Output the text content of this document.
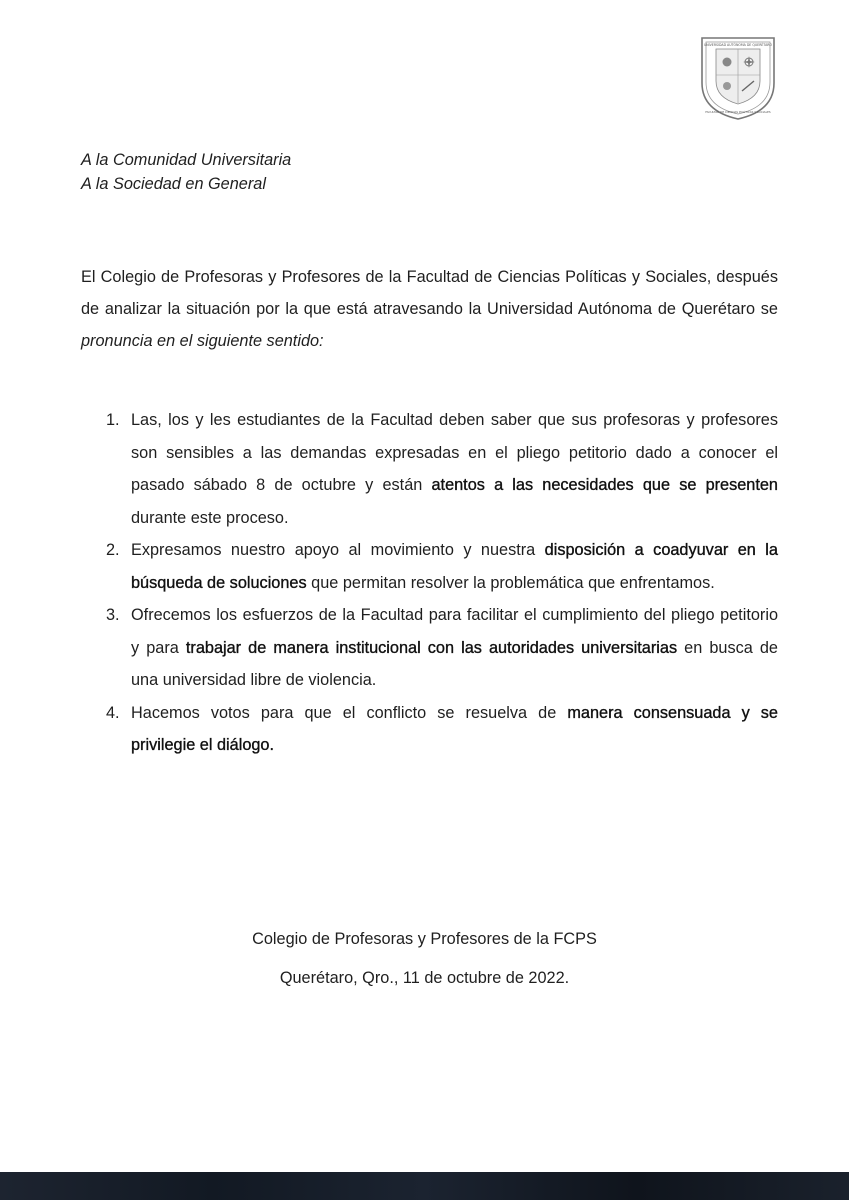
UNIVERSIDAD AUTÓNOMA DE QUERÉTARO
FACULTAD DE CIENCIAS POLÍTICAS Y SOCIALES
A la Comunidad Universitaria
A la Sociedad en General
El Colegio de Profesoras y Profesores de la Facultad de Ciencias Políticas y Sociales, después
de analizar la situación por la que está atravesando la Universidad Autónoma de Querétaro se
pronuncia en el siguiente sentido:
1. Las, los y les estudiantes de la Facultad deben saber que sus profesoras y profesores
son sensibles a las demandas expresadas en el pliego petitorio dado a conocer el
pasado sábado 8 de octubre y están atentos a las necesidades que se presenten
durante este proceso.
2. Expresamos nuestro apoyo al movimiento y nuestra disposición a coadyuvar en la
búsqueda de soluciones que permitan resolver la problemática que enfrentamos.
3. Ofrecemos los esfuerzos de la Facultad para facilitar el cumplimiento del pliego petitorio
y para trabajar de manera institucional con las autoridades universitarias en busca de
una universidad libre de violencia.
4. Hacemos votos para que el conflicto se resuelva de manera consensuada y se
privilegie el diálogo.
Colegio de Profesoras y Profesores de la FCPS
Querétaro, Qro., 11 de octubre de 2022.
